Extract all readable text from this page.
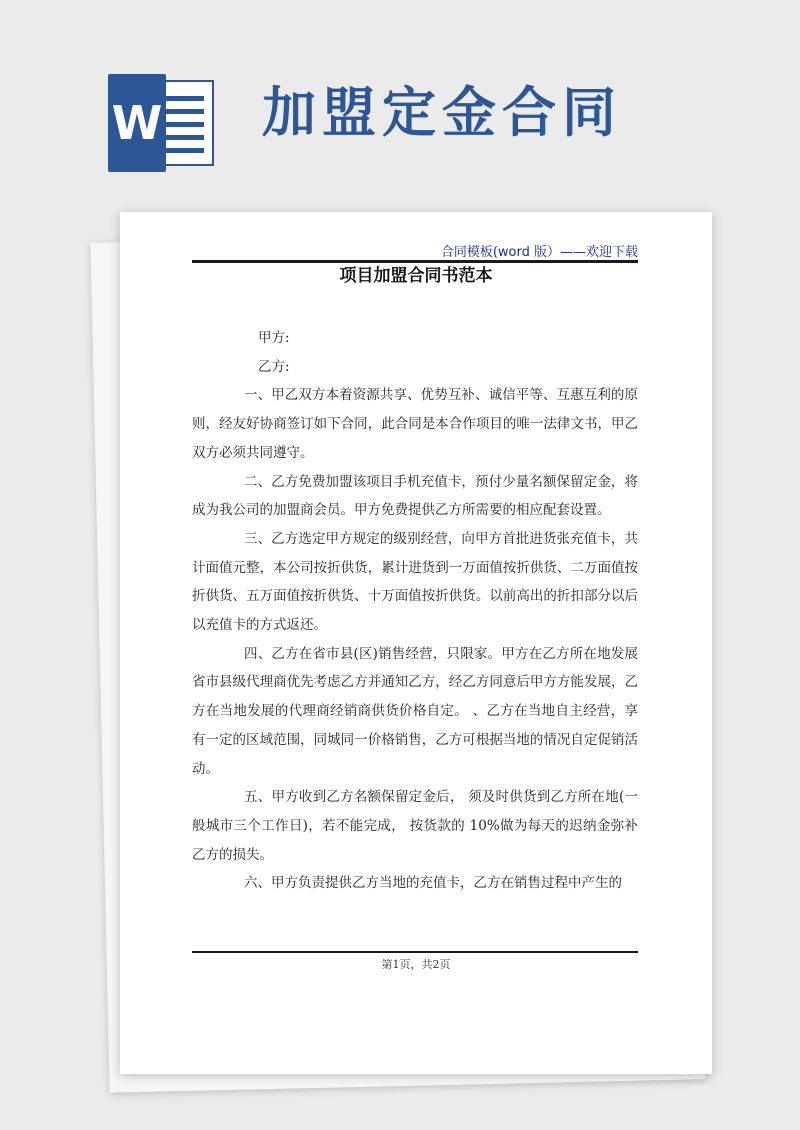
W 加盟定金合同
合同模板(word 版）——欢迎下载
项目加盟合同书范本

甲方:

乙方:

一、甲乙双方本着资源共享、优势互补、诚信平等、互惠互利的原则，经友好协商签订如下合同，此合同是本合作项目的唯一法律文书，甲乙双方必须共同遵守。

二、乙方免费加盟该项目手机充值卡，预付少量名额保留定金，将成为我公司的加盟商会员。甲方免费提供乙方所需要的相应配套设置。

三、乙方选定甲方规定的级别经营，向甲方首批进货张充值卡，共计面值元整，本公司按折供货，累计进货到一万面值按折供货、二万面值按折供货、五万面值按折供货、十万面值按折供货。以前高出的折扣部分以后以充值卡的方式返还。

四、乙方在省市县(区)销售经营，只限家。甲方在乙方所在地发展省市县级代理商优先考虑乙方并通知乙方，经乙方同意后甲方方能发展，乙方在当地发展的代理商经销商供货价格自定。 、乙方在当地自主经营，享有一定的区域范围，同城同一价格销售，乙方可根据当地的情况自定促销活动。

五、甲方收到乙方名额保留定金后， 须及时供货到乙方所在地(一般城市三个工作日)，若不能完成， 按货款的 10%做为每天的迟纳金弥补乙方的损失。

六、甲方负责提供乙方当地的充值卡，乙方在销售过程中产生的

第1页，共2页
